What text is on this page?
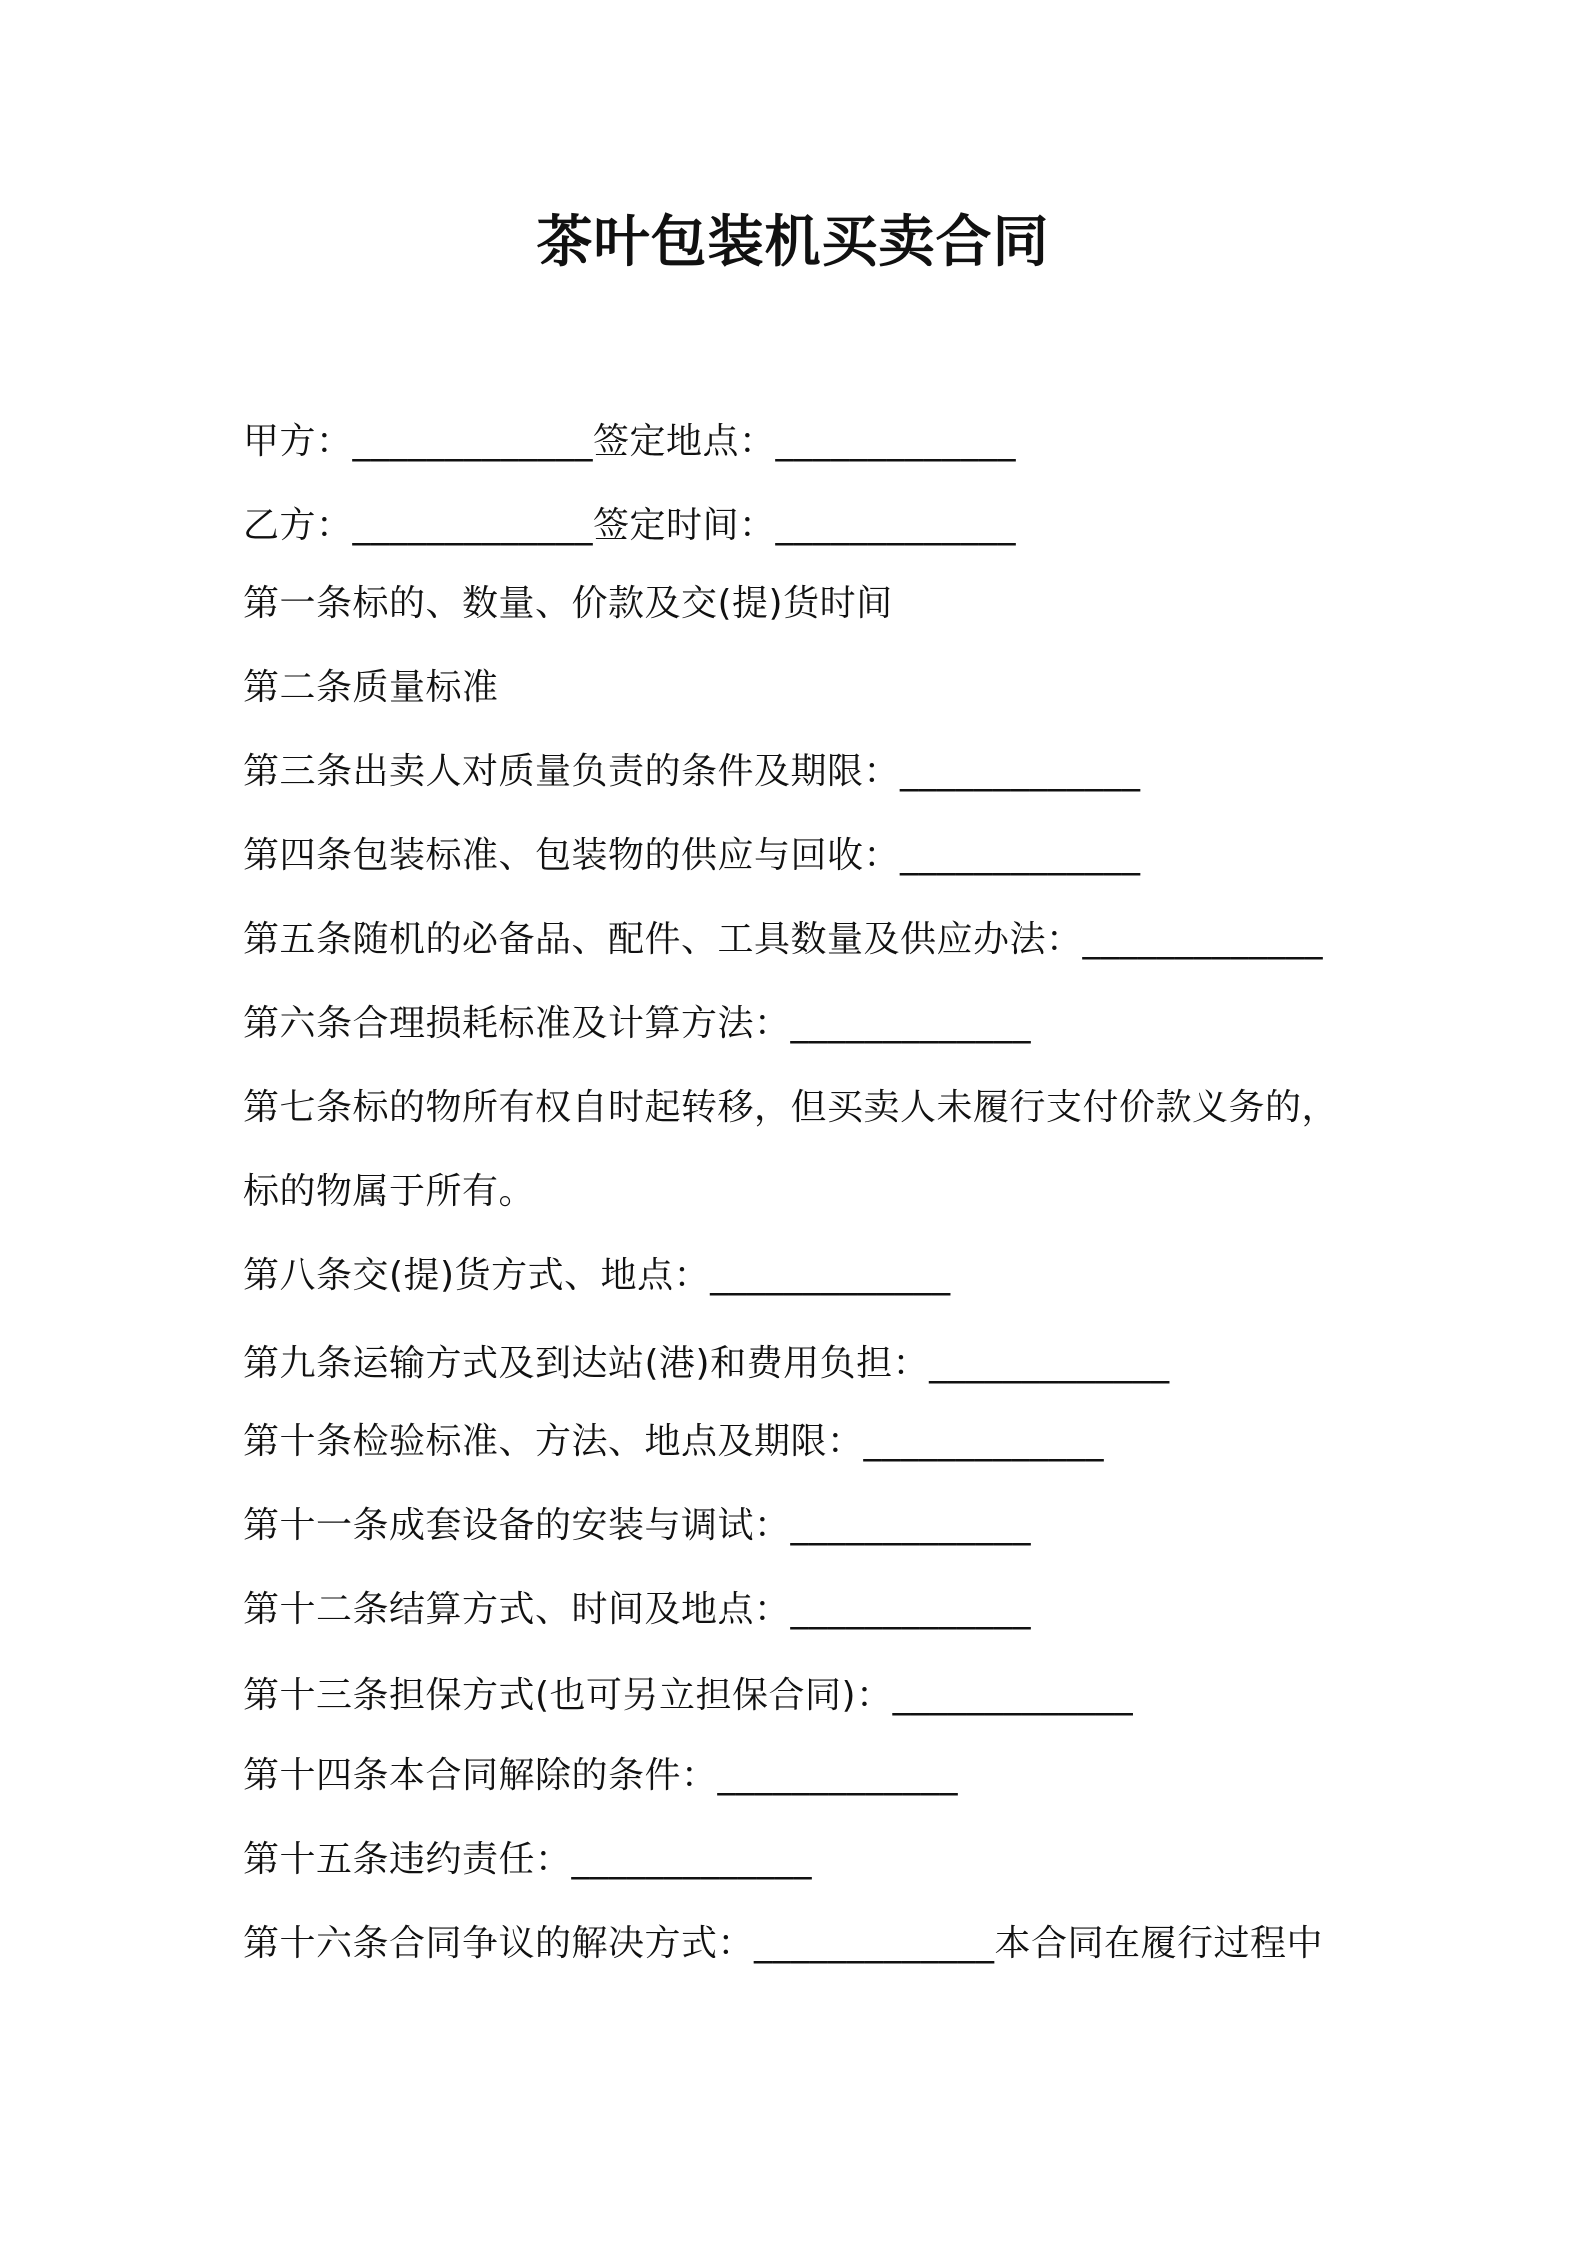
茶叶包装机买卖合同
甲方：_____________签定地点：_____________
乙方：_____________签定时间：_____________
第一条标的、数量、价款及交(提)货时间
第二条质量标准
第三条出卖人对质量负责的条件及期限：_____________
第四条包装标准、包装物的供应与回收：_____________
第五条随机的必备品、配件、工具数量及供应办法：_____________
第六条合理损耗标准及计算方法：_____________
第七条标的物所有权自时起转移，但买卖人未履行支付价款义务的，
标的物属于所有。
第八条交(提)货方式、地点：_____________
第九条运输方式及到达站(港)和费用负担：_____________
第十条检验标准、方法、地点及期限：_____________
第十一条成套设备的安装与调试：_____________
第十二条结算方式、时间及地点：_____________
第十三条担保方式(也可另立担保合同)：_____________
第十四条本合同解除的条件：_____________
第十五条违约责任：_____________
第十六条合同争议的解决方式：_____________本合同在履行过程中
